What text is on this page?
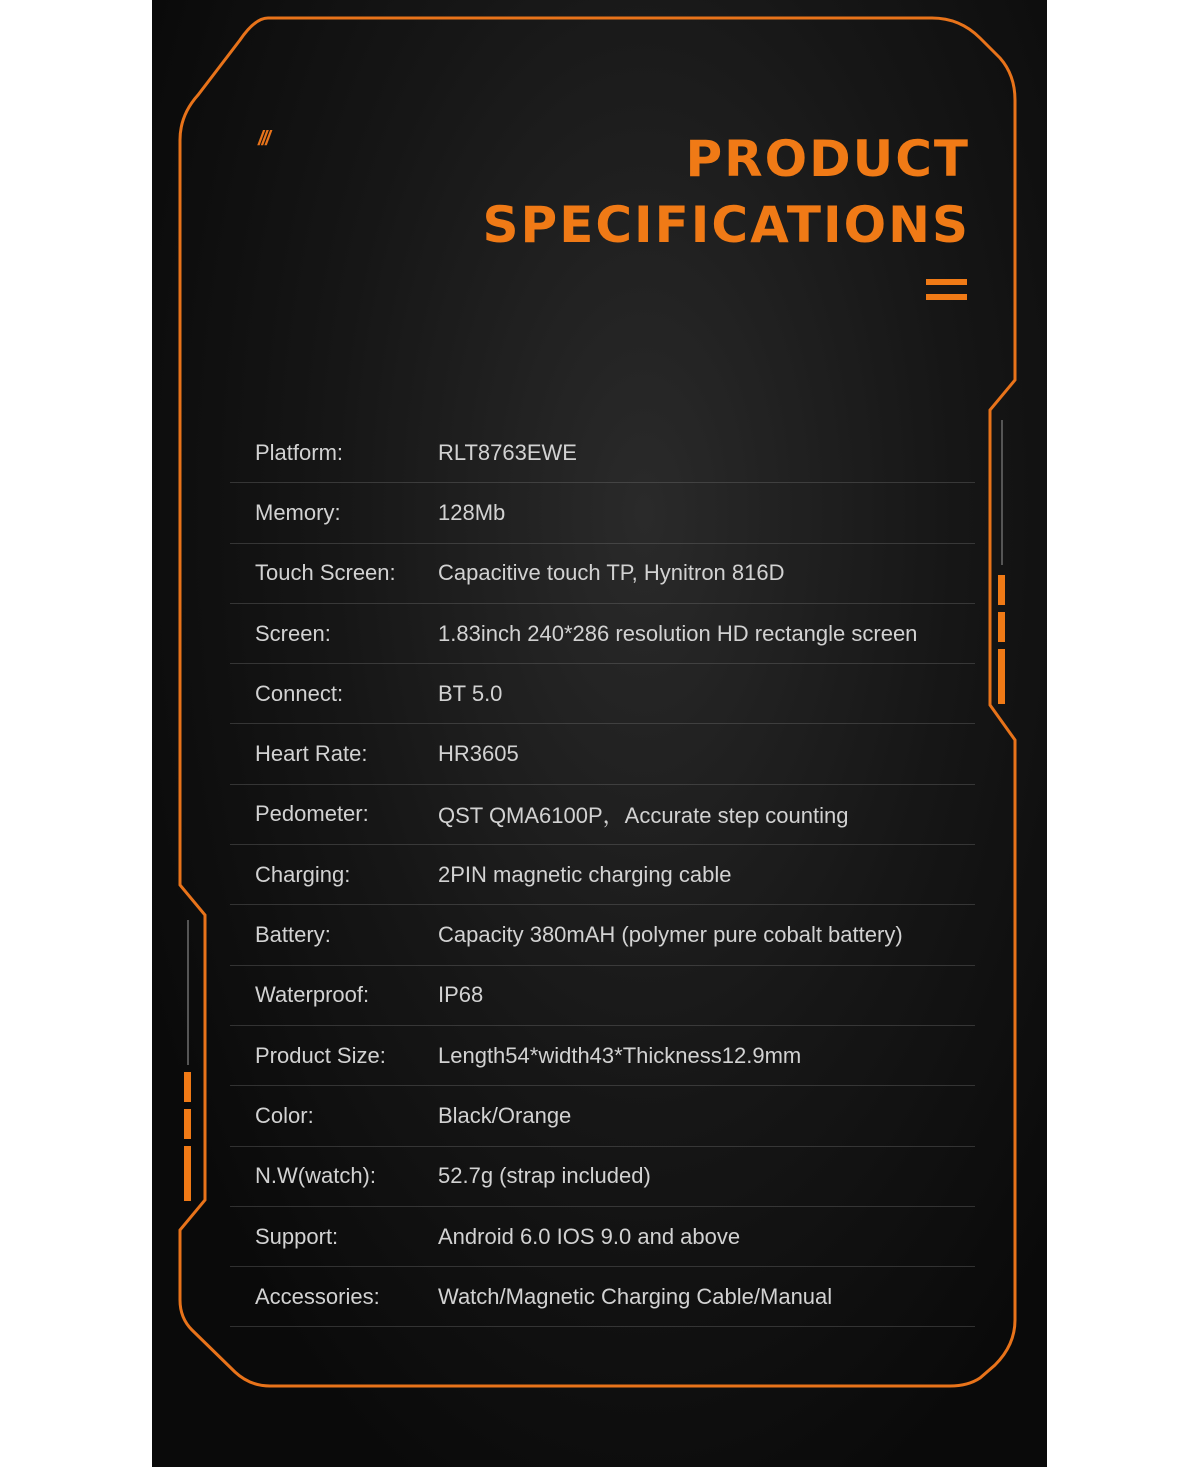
///	PRODUCT
SPECIFICATIONS
Platform:	RLT8763EWE
Memory:	128Mb
Touch Screen:	Capacitive touch TP, Hynitron 816D
Screen:	1.83inch 240*286 resolution HD rectangle screen
Connect:	BT 5.0
Heart Rate:	HR3605
Pedometer:	QST QMA6100P，Accurate step counting
Charging:	2PIN magnetic charging cable
Battery:	Capacity 380mAH (polymer pure cobalt battery)
Waterproof:	IP68
Product Size:	Length54*width43*Thickness12.9mm
Color:	Black/Orange
N.W(watch):	52.7g (strap included)
Support:	Android 6.0 IOS 9.0 and above
Accessories:	Watch/Magnetic Charging Cable/Manual
